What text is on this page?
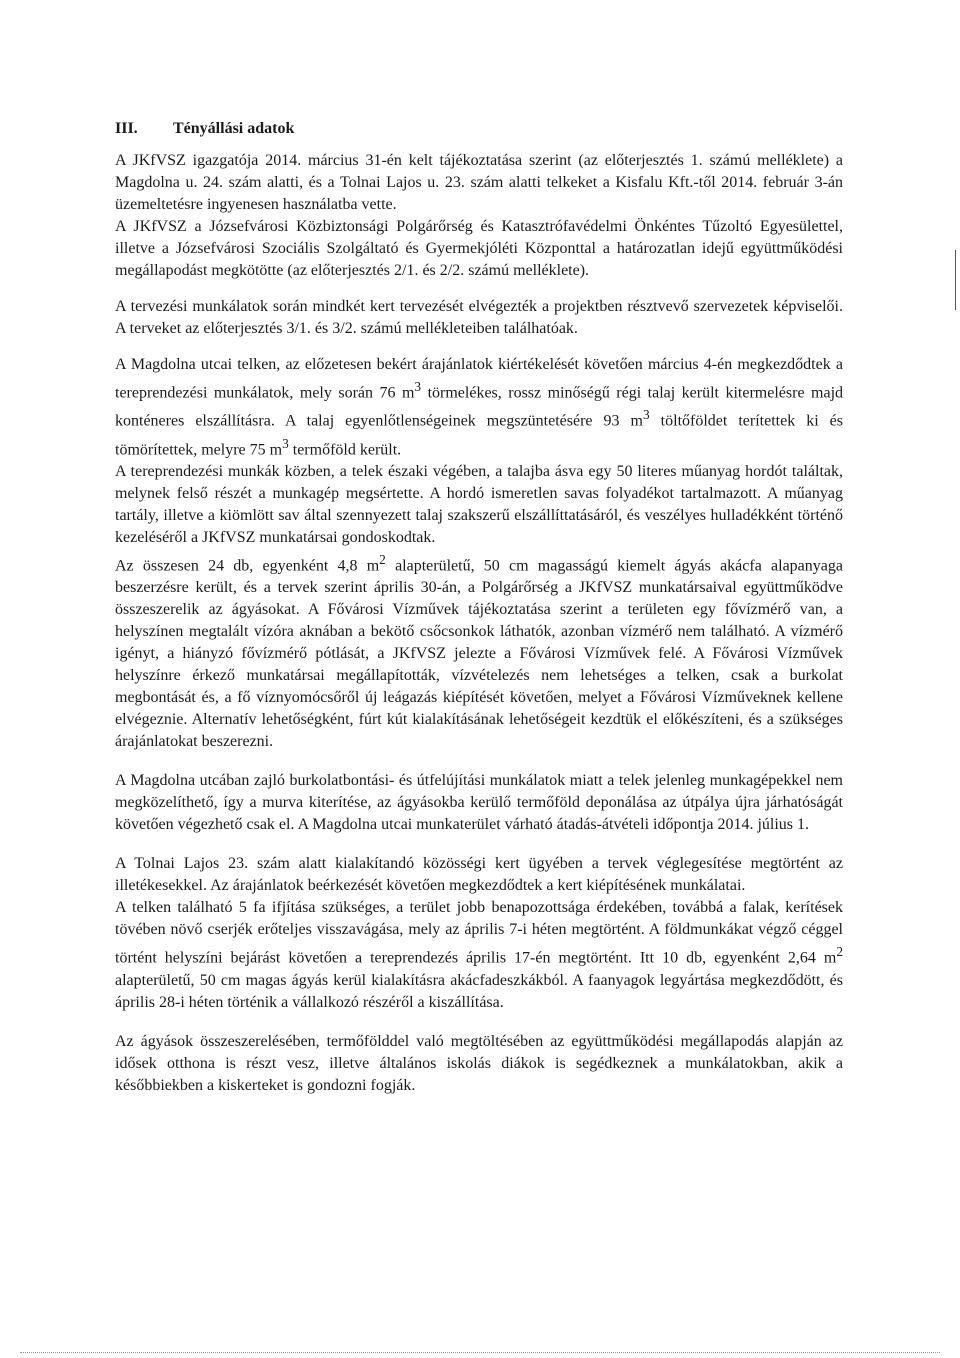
III.	Tényállási adatok

A JKfVSZ igazgatója 2014. március 31-én kelt tájékoztatása szerint (az előterjesztés 1. számú melléklete) a Magdolna u. 24. szám alatti, és a Tolnai Lajos u. 23. szám alatti telkeket a Kisfalu Kft.-től 2014. február 3-án üzemeltetésre ingyenesen használatba vette.

A JKfVSZ a Józsefvárosi Közbiztonsági Polgárőrség és Katasztrófavédelmi Önkéntes Tűzoltó Egyesülettel, illetve a Józsefvárosi Szociális Szolgáltató és Gyermekjóléti Központtal a határozatlan idejű együttműködési megállapodást megkötötte (az előterjesztés 2/1. és 2/2. számú melléklete).

A tervezési munkálatok során mindkét kert tervezését elvégezték a projektben résztvevő szervezetek képviselői. A terveket az előterjesztés 3/1. és 3/2. számú mellékleteiben találhatóak.

A Magdolna utcai telken, az előzetesen bekért árajánlatok kiértékelését követően március 4-én megkezdődtek a tereprendezési munkálatok, mely során 76 $m^3$ törmelékes, rossz minőségű régi talaj került kitermelésre majd konténeres elszállításra. A talaj egyenlőtlenségeinek megszüntetésére 93 $m^3$ töltőföldet terítettek ki és tömörítettek, melyre 75 $m^3$ termőföld került.

A tereprendezési munkák közben, a telek északi végében, a talajba ásva egy 50 literes műanyag hordót találtak, melynek felső részét a munkagép megsértette. A hordó ismeretlen savas folyadékot tartalmazott. A műanyag tartály, illetve a kiömlött sav által szennyezett talaj szakszerű elszállíttatásáról, és veszélyes hulladékként történő kezeléséről a JKfVSZ munkatársai gondoskodtak.

Az összesen 24 db, egyenként 4,8 $m^2$ alapterületű, 50 cm magasságú kiemelt ágyás akácfa alapanyaga beszerzésre került, és a tervek szerint április 30-án, a Polgárőrség a JKfVSZ munkatársaival együttműködve összeszerelik az ágyásokat. A Fővárosi Vízművek tájékoztatása szerint a területen egy fővízmérő van, a helyszínen megtalált vízóra aknában a bekötő csőcsonkok láthatók, azonban vízmérő nem található. A vízmérő igényt, a hiányzó fővízmérő pótlását, a JKfVSZ jelezte a Fővárosi Vízművek felé. A Fővárosi Vízművek helyszínre érkező munkatársai megállapították, vízvételezés nem lehetséges a telken, csak a burkolat megbontását és, a fő víznyomócsőről új leágazás kiépítését követően, melyet a Fővárosi Vízműveknek kellene elvégeznie. Alternatív lehetőségként, fúrt kút kialakításának lehetőségeit kezdtük el előkészíteni, és a szükséges árajánlatokat beszerezni.

A Magdolna utcában zajló burkolatbontási- és útfelújítási munkálatok miatt a telek jelenleg munkagépekkel nem megközelíthető, így a murva kiterítése, az ágyásokba kerülő termőföld deponálása az útpálya újra járhatóságát követően végezhető csak el. A Magdolna utcai munkaterület várható átadás-átvételi időpontja 2014. július 1.

A Tolnai Lajos 23. szám alatt kialakítandó közösségi kert ügyében a tervek véglegesítése megtörtént az illetékesekkel. Az árajánlatok beérkezését követően megkezdődtek a kert kiépítésének munkálatai.

A telken található 5 fa ifjítása szükséges, a terület jobb benapozottsága érdekében, továbbá a falak, kerítések tövében növő cserjék erőteljes visszavágása, mely az április 7-i héten megtörtént. A földmunkákat végző céggel történt helyszíni bejárást követően a tereprendezés április 17-én megtörtént. Itt 10 db, egyenként 2,64 $m^2$ alapterületű, 50 cm magas ágyás kerül kialakításra akácfadeszkákból. A faanyagok legyártása megkezdődött, és április 28-i héten történik a vállalkozó részéről a kiszállítása.

Az ágyások összeszerelésében, termőfölddel való megtöltésében az együttműködési megállapodás alapján az idősek otthona is részt vesz, illetve általános iskolás diákok is segédkeznek a munkálatokban, akik a későbbiekben a kiskerteket is gondozni fogják.
